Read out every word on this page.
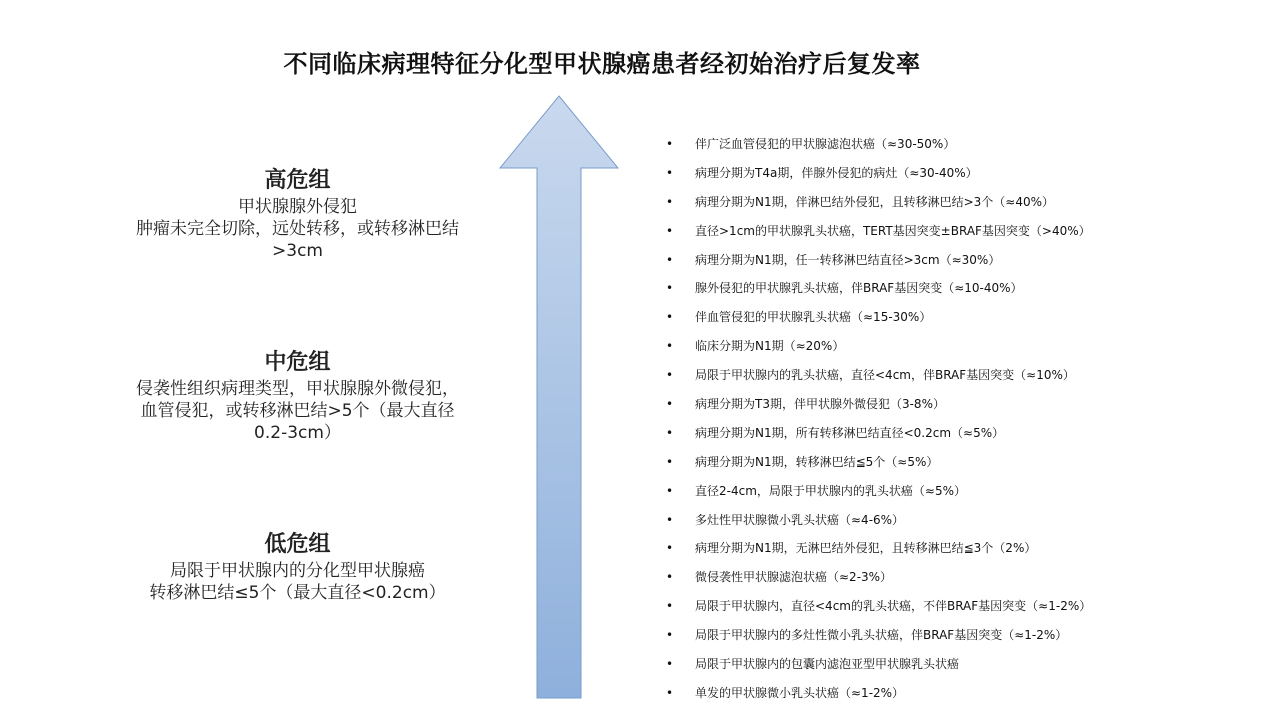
不同临床病理特征分化型甲状腺癌患者经初始治疗后复发率
高危组
甲状腺腺外侵犯
肿瘤未完全切除，远处转移，或转移淋巴结
>3cm
中危组
侵袭性组织病理类型，甲状腺腺外微侵犯，
血管侵犯，或转移淋巴结>5个（最大直径
0.2-3cm）
低危组
局限于甲状腺内的分化型甲状腺癌
转移淋巴结≤5个（最大直径<0.2cm）
• 伴广泛血管侵犯的甲状腺滤泡状癌（≈30-50%）
• 病理分期为T4a期，伴腺外侵犯的病灶（≈30-40%）
• 病理分期为N1期，伴淋巴结外侵犯，且转移淋巴结>3个（≈40%）
• 直径>1cm的甲状腺乳头状癌，TERT基因突变±BRAF基因突变（>40%）
• 病理分期为N1期，任一转移淋巴结直径>3cm（≈30%）
• 腺外侵犯的甲状腺乳头状癌，伴BRAF基因突变（≈10-40%）
• 伴血管侵犯的甲状腺乳头状癌（≈15-30%）
• 临床分期为N1期（≈20%）
• 局限于甲状腺内的乳头状癌，直径<4cm，伴BRAF基因突变（≈10%）
• 病理分期为T3期，伴甲状腺外微侵犯（3-8%）
• 病理分期为N1期，所有转移淋巴结直径<0.2cm（≈5%）
• 病理分期为N1期，转移淋巴结≦5个（≈5%）
• 直径2-4cm，局限于甲状腺内的乳头状癌（≈5%）
• 多灶性甲状腺微小乳头状癌（≈4-6%）
• 病理分期为N1期，无淋巴结外侵犯，且转移淋巴结≦3个（2%）
• 微侵袭性甲状腺滤泡状癌（≈2-3%）
• 局限于甲状腺内，直径<4cm的乳头状癌，不伴BRAF基因突变（≈1-2%）
• 局限于甲状腺内的多灶性微小乳头状癌，伴BRAF基因突变（≈1-2%）
• 局限于甲状腺内的包囊内滤泡亚型甲状腺乳头状癌
• 单发的甲状腺微小乳头状癌（≈1-2%）
